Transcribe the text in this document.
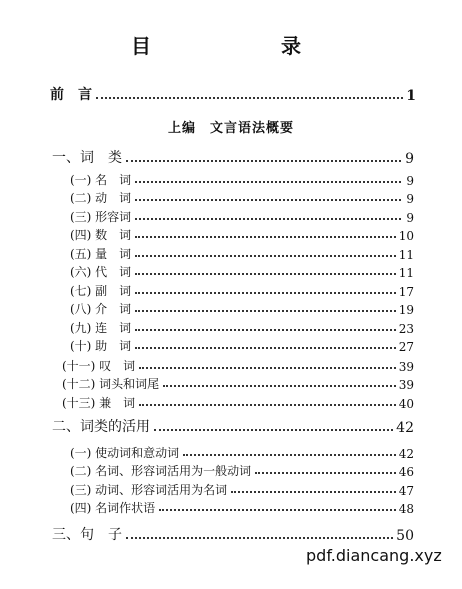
目　　录
前　言	1
上编 文言语法概要
一、词　类	9
(一) 名　词	9
(二) 动　词	9
(三) 形容词	9
(四) 数　词	10
(五) 量　词	11
(六) 代　词	11
(七) 副　词	17
(八) 介　词	19
(九) 连　词	23
(十) 助　词	27
(十一) 叹　词	39
(十二) 词头和词尾	39
(十三) 兼　词	40
二、词类的活用	42
(一) 使动词和意动词	42
(二) 名词、形容词活用为一般动词	46
(三) 动词、形容词活用为名词	47
(四) 名词作状语	48
三、句　子	50
pdf.diancang.xyz
